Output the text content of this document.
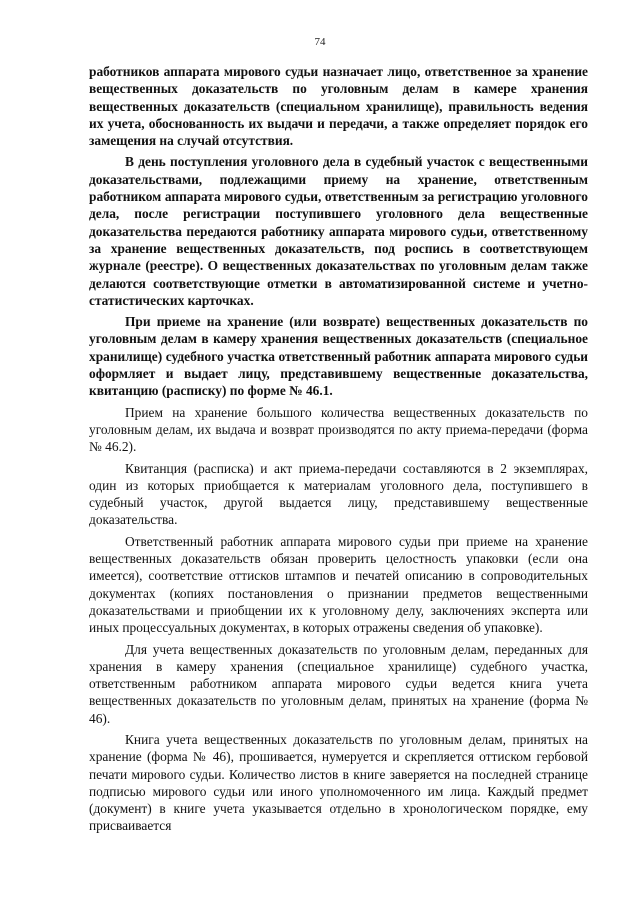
74

работников аппарата мирового судьи назначает лицо, ответственное за хранение вещественных доказательств по уголовным делам в камере хранения вещественных доказательств (специальном хранилище), правильность ведения их учета, обоснованность их выдачи и передачи, а также определяет порядок его замещения на случай отсутствия.

В день поступления уголовного дела в судебный участок с вещественными доказательствами, подлежащими приему на хранение, ответственным работником аппарата мирового судьи, ответственным за регистрацию уголовного дела, после регистрации поступившего уголовного дела вещественные доказательства передаются работнику аппарата мирового судьи, ответственному за хранение вещественных доказательств, под роспись в соответствующем журнале (реестре). О вещественных доказательствах по уголовным делам также делаются соответствующие отметки в автоматизированной системе и учетно-статистических карточках.

При приеме на хранение (или возврате) вещественных доказательств по уголовным делам в камеру хранения вещественных доказательств (специальное хранилище) судебного участка ответственный работник аппарата мирового судьи оформляет и выдает лицу, представившему вещественные доказательства, квитанцию (расписку) по форме № 46.1.

Прием на хранение большого количества вещественных доказательств по уголовным делам, их выдача и возврат производятся по акту приема-передачи (форма № 46.2).

Квитанция (расписка) и акт приема-передачи составляются в 2 экземплярах, один из которых приобщается к материалам уголовного дела, поступившего в судебный участок, другой выдается лицу, представившему вещественные доказательства.

Ответственный работник аппарата мирового судьи при приеме на хранение вещественных доказательств обязан проверить целостность упаковки (если она имеется), соответствие оттисков штампов и печатей описанию в сопроводительных документах (копиях постановления о признании предметов вещественными доказательствами и приобщении их к уголовному делу, заключениях эксперта или иных процессуальных документах, в которых отражены сведения об упаковке).

Для учета вещественных доказательств по уголовным делам, переданных для хранения в камеру хранения (специальное хранилище) судебного участка, ответственным работником аппарата мирового судьи ведется книга учета вещественных доказательств по уголовным делам, принятых на хранение (форма № 46).

Книга учета вещественных доказательств по уголовным делам, принятых на хранение (форма № 46), прошивается, нумеруется и скрепляется оттиском гербовой печати мирового судьи. Количество листов в книге заверяется на последней странице подписью мирового судьи или иного уполномоченного им лица. Каждый предмет (документ) в книге учета указывается отдельно в хронологическом порядке, ему присваивается
